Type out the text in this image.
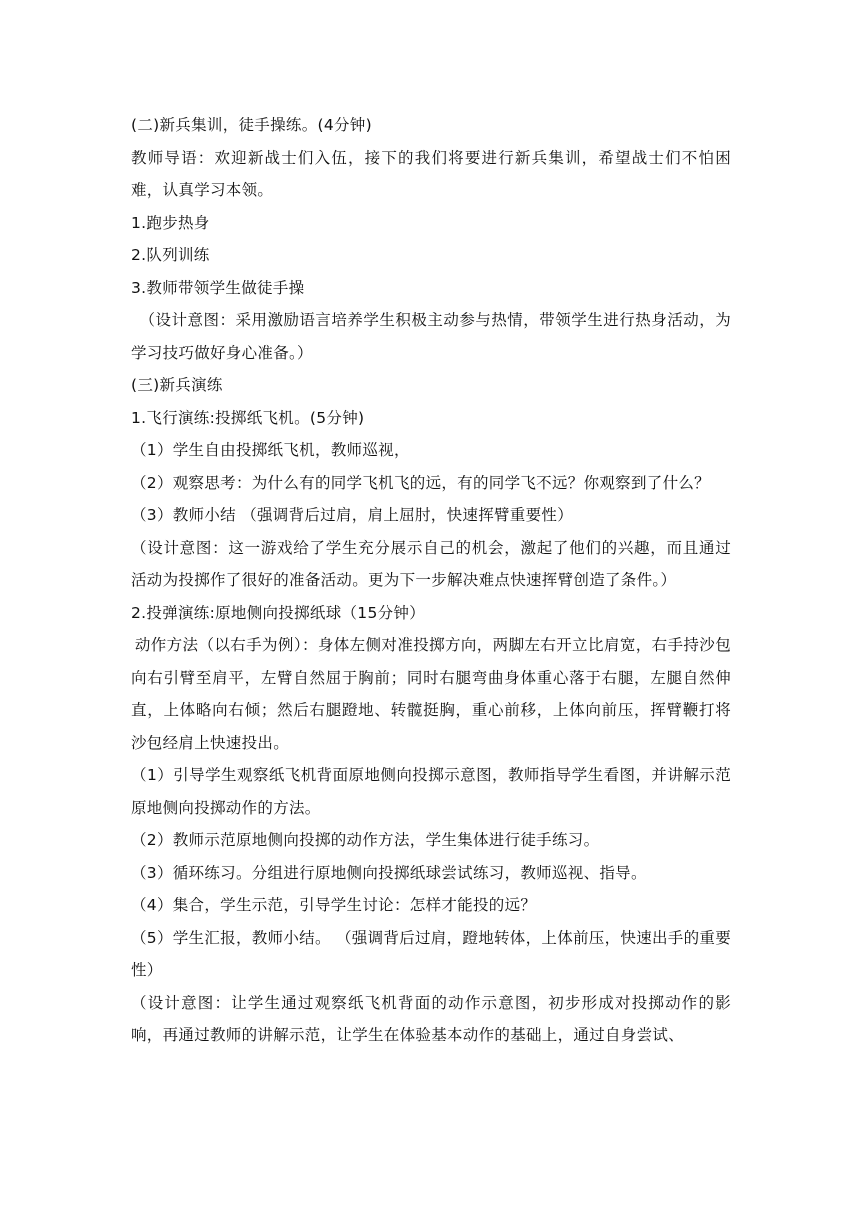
(二)新兵集训，徒手操练。(4分钟)

教师导语：欢迎新战士们入伍，接下的我们将要进行新兵集训，希望战士们不怕困难，认真学习本领。

1.跑步热身

2.队列训练

3.教师带领学生做徒手操

（设计意图：采用激励语言培养学生积极主动参与热情，带领学生进行热身活动，为学习技巧做好身心准备。）

(三)新兵演练

1.飞行演练:投掷纸飞机。(5分钟)

（1）学生自由投掷纸飞机，教师巡视，

（2）观察思考：为什么有的同学飞机飞的远，有的同学飞不远？你观察到了什么？

（3）教师小结 （强调背后过肩，肩上屈肘，快速挥臂重要性）

（设计意图：这一游戏给了学生充分展示自己的机会，激起了他们的兴趣，而且通过活动为投掷作了很好的准备活动。更为下一步解决难点快速挥臂创造了条件。）

2.投弹演练:原地侧向投掷纸球（15分钟）

动作方法（以右手为例）：身体左侧对准投掷方向，两脚左右开立比肩宽，右手持沙包向右引臂至肩平，左臂自然屈于胸前；同时右腿弯曲身体重心落于右腿，左腿自然伸直，上体略向右倾；然后右腿蹬地、转髋挺胸，重心前移，上体向前压，挥臂鞭打将沙包经肩上快速投出。

（1）引导学生观察纸飞机背面原地侧向投掷示意图，教师指导学生看图，并讲解示范原地侧向投掷动作的方法。

（2）教师示范原地侧向投掷的动作方法，学生集体进行徒手练习。

（3）循环练习。分组进行原地侧向投掷纸球尝试练习，教师巡视、指导。

（4）集合，学生示范，引导学生讨论：怎样才能投的远？

（5）学生汇报，教师小结。 （强调背后过肩，蹬地转体，上体前压，快速出手的重要性）

（设计意图：让学生通过观察纸飞机背面的动作示意图，初步形成对投掷动作的影响，再通过教师的讲解示范，让学生在体验基本动作的基础上，通过自身尝试、
